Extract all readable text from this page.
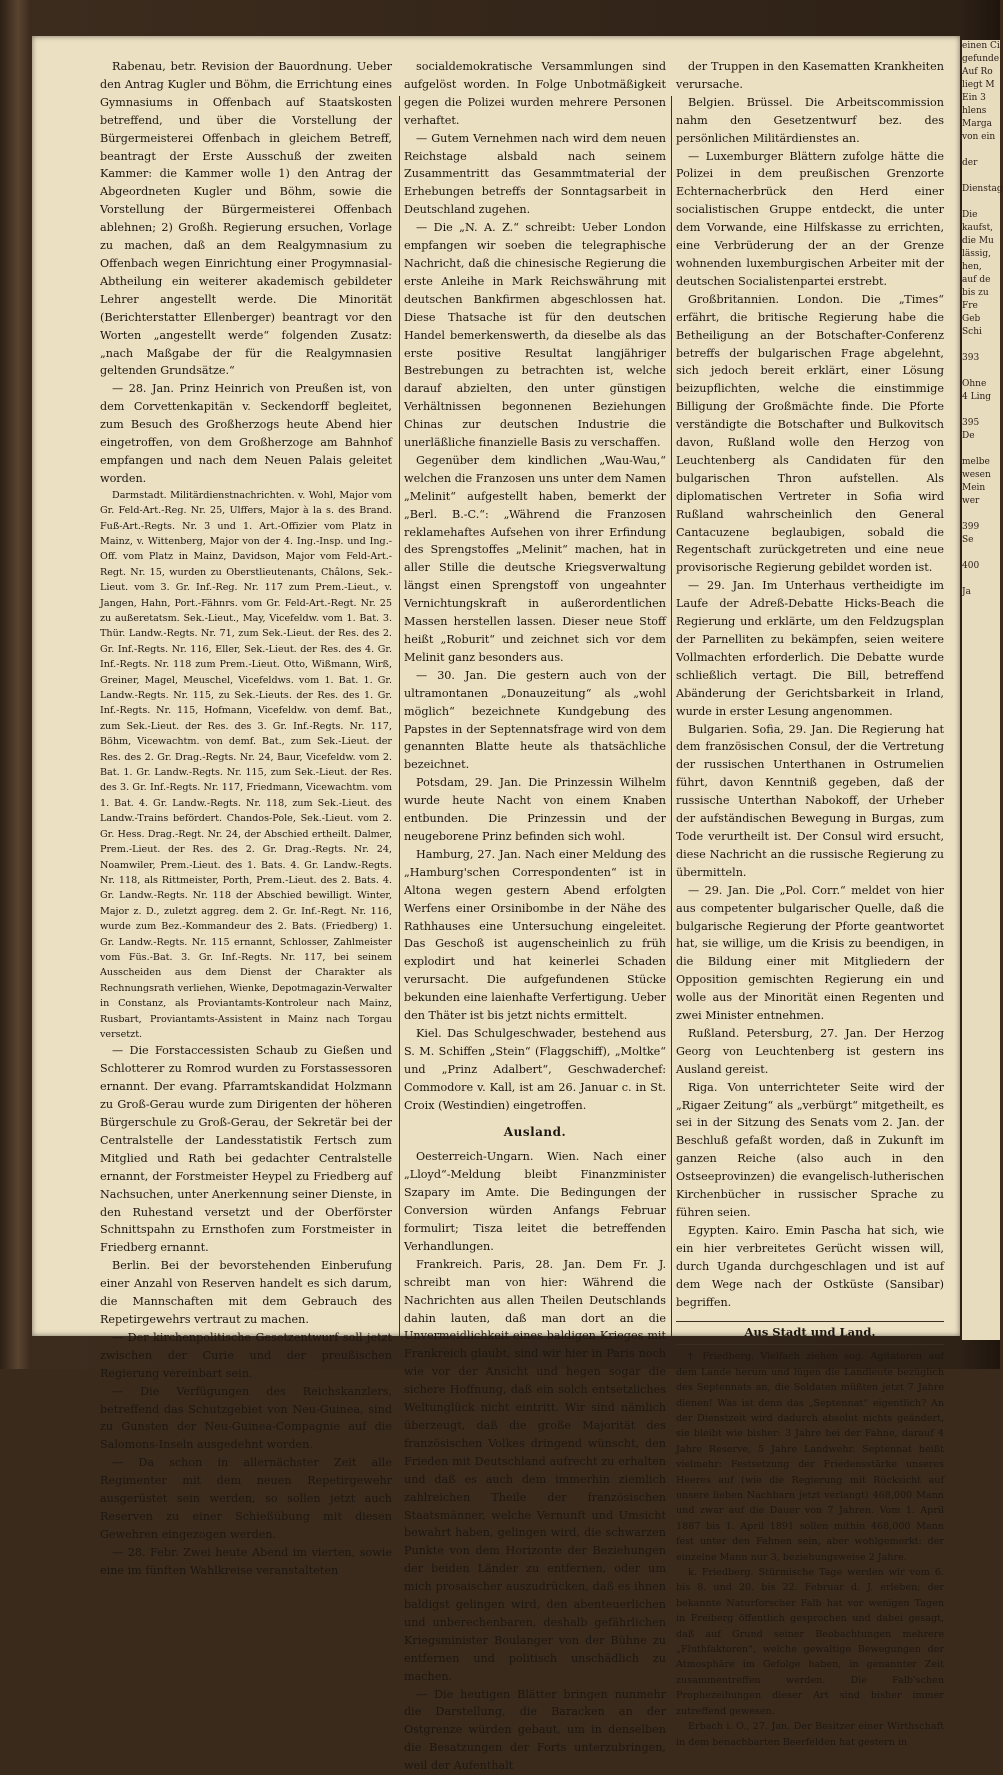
einen Ci
gefunde
Auf Ro
liegt M
Ein 3
hlens
Marga
von ein

der

Dienstag

Die
kaufst,
die Mu
lässig,
hen,
auf de
bis zu
Fre
Geb
Schi

393

Ohne
4 Ling

395
De

melbe
wesen
Mein
wer

399
Se

400

Ja

Rabenau, betr. Revision der Bauordnung. Ueber den Antrag Kugler und Böhm, die Errichtung eines Gymnasiums in Offenbach auf Staatskosten betreffend, und über die Vorstellung der Bürgermeisterei Offenbach in gleichem Betreff, beantragt der Erste Ausschuß der zweiten Kammer: die Kammer wolle 1) den Antrag der Abgeordneten Kugler und Böhm, sowie die Vorstellung der Bürgermeisterei Offenbach ablehnen; 2) Großh. Regierung ersuchen, Vorlage zu machen, daß an dem Realgymnasium zu Offenbach wegen Einrichtung einer Progymnasial-Abtheilung ein weiterer akademisch gebildeter Lehrer angestellt werde. Die Minorität (Berichterstatter Ellenberger) beantragt vor den Worten „angestellt werde“ folgenden Zusatz: „nach Maßgabe der für die Realgymnasien geltenden Grundsätze.“

— 28. Jan. Prinz Heinrich von Preußen ist, von dem Corvettenkapitän v. Seckendorff begleitet, zum Besuch des Großherzogs heute Abend hier eingetroffen, von dem Großherzoge am Bahnhof empfangen und nach dem Neuen Palais geleitet worden.

Darmstadt. Militärdienstnachrichten. v. Wohl, Major vom Gr. Feld-Art.-Reg. Nr. 25, Ulffers, Major à la s. des Brand. Fuß-Art.-Regts. Nr. 3 und 1. Art.-Offizier vom Platz in Mainz, v. Wittenberg, Major von der 4. Ing.-Insp. und Ing.-Off. vom Platz in Mainz, Davidson, Major vom Feld-Art.-Regt. Nr. 15, wurden zu Oberstlieutenants, Châlons, Sek.-Lieut. vom 3. Gr. Inf.-Reg. Nr. 117 zum Prem.-Lieut., v. Jangen, Hahn, Port.-Fähnrs. vom Gr. Feld-Art.-Regt. Nr. 25 zu außeretatsm. Sek.-Lieut., May, Vicefeldw. vom 1. Bat. 3. Thür. Landw.-Regts. Nr. 71, zum Sek.-Lieut. der Res. des 2. Gr. Inf.-Regts. Nr. 116, Eller, Sek.-Lieut. der Res. des 4. Gr. Inf.-Regts. Nr. 118 zum Prem.-Lieut. Otto, Wißmann, Wirß, Greiner, Magel, Meuschel, Vicefeldws. vom 1. Bat. 1. Gr. Landw.-Regts. Nr. 115, zu Sek.-Lieuts. der Res. des 1. Gr. Inf.-Regts. Nr. 115, Hofmann, Vicefeldw. von demf. Bat., zum Sek.-Lieut. der Res. des 3. Gr. Inf.-Regts. Nr. 117, Böhm, Vicewachtm. von demf. Bat., zum Sek.-Lieut. der Res. des 2. Gr. Drag.-Regts. Nr. 24, Baur, Vicefeldw. vom 2. Bat. 1. Gr. Landw.-Regts. Nr. 115, zum Sek.-Lieut. der Res. des 3. Gr. Inf.-Regts. Nr. 117, Friedmann, Vicewachtm. vom 1. Bat. 4. Gr. Landw.-Regts. Nr. 118, zum Sek.-Lieut. des Landw.-Trains befördert. Chandos-Pole, Sek.-Lieut. vom 2. Gr. Hess. Drag.-Regt. Nr. 24, der Abschied ertheilt. Dalmer, Prem.-Lieut. der Res. des 2. Gr. Drag.-Regts. Nr. 24, Noamwiler, Prem.-Lieut. des 1. Bats. 4. Gr. Landw.-Regts. Nr. 118, als Rittmeister, Porth, Prem.-Lieut. des 2. Bats. 4. Gr. Landw.-Regts. Nr. 118 der Abschied bewilligt. Winter, Major z. D., zuletzt aggreg. dem 2. Gr. Inf.-Regt. Nr. 116, wurde zum Bez.-Kommandeur des 2. Bats. (Friedberg) 1. Gr. Landw.-Regts. Nr. 115 ernannt, Schlosser, Zahlmeister vom Füs.-Bat. 3. Gr. Inf.-Regts. Nr. 117, bei seinem Ausscheiden aus dem Dienst der Charakter als Rechnungsrath verliehen, Wienke, Depotmagazin-Verwalter in Constanz, als Proviantamts-Kontroleur nach Mainz, Rusbart, Proviantamts-Assistent in Mainz nach Torgau versetzt.

— Die Forstaccessisten Schaub zu Gießen und Schlotterer zu Romrod wurden zu Forstassessoren ernannt. Der evang. Pfarramtskandidat Holzmann zu Groß-Gerau wurde zum Dirigenten der höheren Bürgerschule zu Groß-Gerau, der Sekretär bei der Centralstelle der Landesstatistik Fertsch zum Mitglied und Rath bei gedachter Centralstelle ernannt, der Forstmeister Heypel zu Friedberg auf Nachsuchen, unter Anerkennung seiner Dienste, in den Ruhestand versetzt und der Oberförster Schnittspahn zu Ernsthofen zum Forstmeister in Friedberg ernannt.

Berlin. Bei der bevorstehenden Einberufung einer Anzahl von Reserven handelt es sich darum, die Mannschaften mit dem Gebrauch des Repetirgewehrs vertraut zu machen.

— Der kirchenpolitische Gesetzentwurf soll jetzt zwischen der Curie und der preußischen Regierung vereinbart sein.

— Die Verfügungen des Reichskanzlers, betreffend das Schutzgebiet von Neu-Guinea, sind zu Gunsten der Neu-Guinea-Compagnie auf die Salomons-Inseln ausgedehnt worden.

— Da schon in allernächster Zeit alle Regimenter mit dem neuen Repetirgewehr ausgerüstet sein werden, so sollen jetzt auch Reserven zu einer Schießübung mit diesen Gewehren eingezogen werden.

— 28. Febr. Zwei heute Abend im vierten, sowie eine im fünften Wahlkreise veranstalteten

socialdemokratische Versammlungen sind aufgelöst worden. In Folge Unbotmäßigkeit gegen die Polizei wurden mehrere Personen verhaftet.

— Gutem Vernehmen nach wird dem neuen Reichstage alsbald nach seinem Zusammentritt das Gesammtmaterial der Erhebungen betreffs der Sonntagsarbeit in Deutschland zugehen.

— Die „N. A. Z.“ schreibt: Ueber London empfangen wir soeben die telegraphische Nachricht, daß die chinesische Regierung die erste Anleihe in Mark Reichswährung mit deutschen Bankfirmen abgeschlossen hat. Diese Thatsache ist für den deutschen Handel bemerkenswerth, da dieselbe als das erste positive Resultat langjähriger Bestrebungen zu betrachten ist, welche darauf abzielten, den unter günstigen Verhältnissen begonnenen Beziehungen Chinas zur deutschen Industrie die unerläßliche finanzielle Basis zu verschaffen.

Gegenüber dem kindlichen „Wau-Wau,“ welchen die Franzosen uns unter dem Namen „Melinit“ aufgestellt haben, bemerkt der „Berl. B.-C.“: „Während die Franzosen reklamehaftes Aufsehen von ihrer Erfindung des Sprengstoffes „Melinit“ machen, hat in aller Stille die deutsche Kriegsverwaltung längst einen Sprengstoff von ungeahnter Vernichtungskraft in außerordentlichen Massen herstellen lassen. Dieser neue Stoff heißt „Roburit“ und zeichnet sich vor dem Melinit ganz besonders aus.

— 30. Jan. Die gestern auch von der ultramontanen „Donauzeitung“ als „wohl möglich“ bezeichnete Kundgebung des Papstes in der Septennatsfrage wird von dem genannten Blatte heute als thatsächliche bezeichnet.

Potsdam, 29. Jan. Die Prinzessin Wilhelm wurde heute Nacht von einem Knaben entbunden. Die Prinzessin und der neugeborene Prinz befinden sich wohl.

Hamburg, 27. Jan. Nach einer Meldung des „Hamburg'schen Correspondenten“ ist in Altona wegen gestern Abend erfolgten Werfens einer Orsinibombe in der Nähe des Rathhauses eine Untersuchung eingeleitet. Das Geschoß ist augenscheinlich zu früh explodirt und hat keinerlei Schaden verursacht. Die aufgefundenen Stücke bekunden eine laienhafte Verfertigung. Ueber den Thäter ist bis jetzt nichts ermittelt.

Kiel. Das Schulgeschwader, bestehend aus S. M. Schiffen „Stein“ (Flaggschiff), „Moltke“ und „Prinz Adalbert“, Geschwaderchef: Commodore v. Kall, ist am 26. Januar c. in St. Croix (Westindien) eingetroffen.

Ausland.

Oesterreich-Ungarn. Wien. Nach einer „Lloyd“-Meldung bleibt Finanzminister Szapary im Amte. Die Bedingungen der Conversion würden Anfangs Februar formulirt; Tisza leitet die betreffenden Verhandlungen.

Frankreich. Paris, 28. Jan. Dem Fr. J. schreibt man von hier: Während die Nachrichten aus allen Theilen Deutschlands dahin lauten, daß man dort an die Unvermeidlichkeit eines baldigen Krieges mit Frankreich glaubt, sind wir hier in Paris noch wie vor der Ansicht und hegen sogar die sichere Hoffnung, daß ein solch entsetzliches Weltunglück nicht eintritt. Wir sind nämlich überzeugt, daß die große Majorität des französischen Volkes dringend wünscht, den Frieden mit Deutschland aufrecht zu erhalten und daß es auch dem immerhin ziemlich zahlreichen Theile der französischen Staatsmänner, welche Vernunft und Umsicht bewahrt haben, gelingen wird, die schwarzen Punkte von dem Horizonte der Beziehungen der beiden Länder zu entfernen, oder um mich prosaischer auszudrücken, daß es ihnen baldigst gelingen wird, den abenteuerlichen und unberechenbaren, deshalb gefährlichen Kriegsminister Boulanger von der Bühne zu entfernen und politisch unschädlich zu machen.

— Die heutigen Blätter bringen nunmehr die Darstellung, die Baracken an der Ostgrenze würden gebaut, um in denselben die Besatzungen der Forts unterzubringen, weil der Aufenthalt

der Truppen in den Kasematten Krankheiten verursache.

Belgien. Brüssel. Die Arbeitscommission nahm den Gesetzentwurf bez. des persönlichen Militärdienstes an.

— Luxemburger Blättern zufolge hätte die Polizei in dem preußischen Grenzorte Echternacherbrück den Herd einer socialistischen Gruppe entdeckt, die unter dem Vorwande, eine Hilfskasse zu errichten, eine Verbrüderung der an der Grenze wohnenden luxemburgischen Arbeiter mit der deutschen Socialistenpartei erstrebt.

Großbritannien. London. Die „Times“ erfährt, die britische Regierung habe die Betheiligung an der Botschafter-Conferenz betreffs der bulgarischen Frage abgelehnt, sich jedoch bereit erklärt, einer Lösung beizupflichten, welche die einstimmige Billigung der Großmächte finde. Die Pforte verständigte die Botschafter und Bulkovitsch davon, Rußland wolle den Herzog von Leuchtenberg als Candidaten für den bulgarischen Thron aufstellen. Als diplomatischen Vertreter in Sofia wird Rußland wahrscheinlich den General Cantacuzene beglaubigen, sobald die Regentschaft zurückgetreten und eine neue provisorische Regierung gebildet worden ist.

— 29. Jan. Im Unterhaus vertheidigte im Laufe der Adreß-Debatte Hicks-Beach die Regierung und erklärte, um den Feldzugsplan der Parnelliten zu bekämpfen, seien weitere Vollmachten erforderlich. Die Debatte wurde schließlich vertagt. Die Bill, betreffend Abänderung der Gerichtsbarkeit in Irland, wurde in erster Lesung angenommen.

Bulgarien. Sofia, 29. Jan. Die Regierung hat dem französischen Consul, der die Vertretung der russischen Unterthanen in Ostrumelien führt, davon Kenntniß gegeben, daß der russische Unterthan Nabokoff, der Urheber der aufständischen Bewegung in Burgas, zum Tode verurtheilt ist. Der Consul wird ersucht, diese Nachricht an die russische Regierung zu übermitteln.

— 29. Jan. Die „Pol. Corr.“ meldet von hier aus competenter bulgarischer Quelle, daß die bulgarische Regierung der Pforte geantwortet hat, sie willige, um die Krisis zu beendigen, in die Bildung einer mit Mitgliedern der Opposition gemischten Regierung ein und wolle aus der Minorität einen Regenten und zwei Minister entnehmen.

Rußland. Petersburg, 27. Jan. Der Herzog Georg von Leuchtenberg ist gestern ins Ausland gereist.

Riga. Von unterrichteter Seite wird der „Rigaer Zeitung“ als „verbürgt“ mitgetheilt, es sei in der Sitzung des Senats vom 2. Jan. der Beschluß gefaßt worden, daß in Zukunft im ganzen Reiche (also auch in den Ostseeprovinzen) die evangelisch-lutherischen Kirchenbücher in russischer Sprache zu führen seien.

Egypten. Kairo. Emin Pascha hat sich, wie ein hier verbreitetes Gerücht wissen will, durch Uganda durchgeschlagen und ist auf dem Wege nach der Ostküste (Sansibar) begriffen.

Aus Stadt und Land.

† Friedberg. Vielfach ziehen sog. Agitatoren auf dem Lande herum und lügen die Landleute bezüglich des Septennats an, die Soldaten müßten jetzt 7 Jahre dienen! Was ist denn das „Septennat“ eigentlich? An der Dienstzeit wird dadurch absolut nichts geändert, sie bleibt wie bisher: 3 Jahre bei der Fahne, darauf 4 Jahre Reserve, 5 Jahre Landwehr. Septennat heißt vielmehr: Festsetzung der Friedensstärke unseres Heeres auf (wie die Regierung mit Rücksicht auf unsere lieben Nachbarn jetzt verlangt) 468,000 Mann und zwar auf die Dauer von 7 Jahren. Vom 1. April 1887 bis 1. April 1891 sollen mithin 468,000 Mann fest unter den Fahnen sein, aber wohlgemerkt: der einzelne Mann nur 3, beziehungsweise 2 Jahre.

k. Friedberg. Stürmische Tage werden wir vom 6. bis 8. und 20. bis 22. Februar d. J. erleben; der bekannte Naturforscher Falb hat vor wenigen Tagen in Freiberg öffentlich gesprochen und dabei gesagt, daß auf Grund seiner Beobachtungen mehrere „Fluthfaktoren“, welche gewaltige Bewegungen der Atmosphäre im Gefolge haben, in genannter Zeit zusammentreffen werden. Die Falb'schen Prophezeihungen dieser Art sind bisher immer zutreffend gewesen.

Erbach i. O., 27. Jan. Der Besitzer einer Wirthschaft in dem benachbarten Beerfelden hat gestern in
